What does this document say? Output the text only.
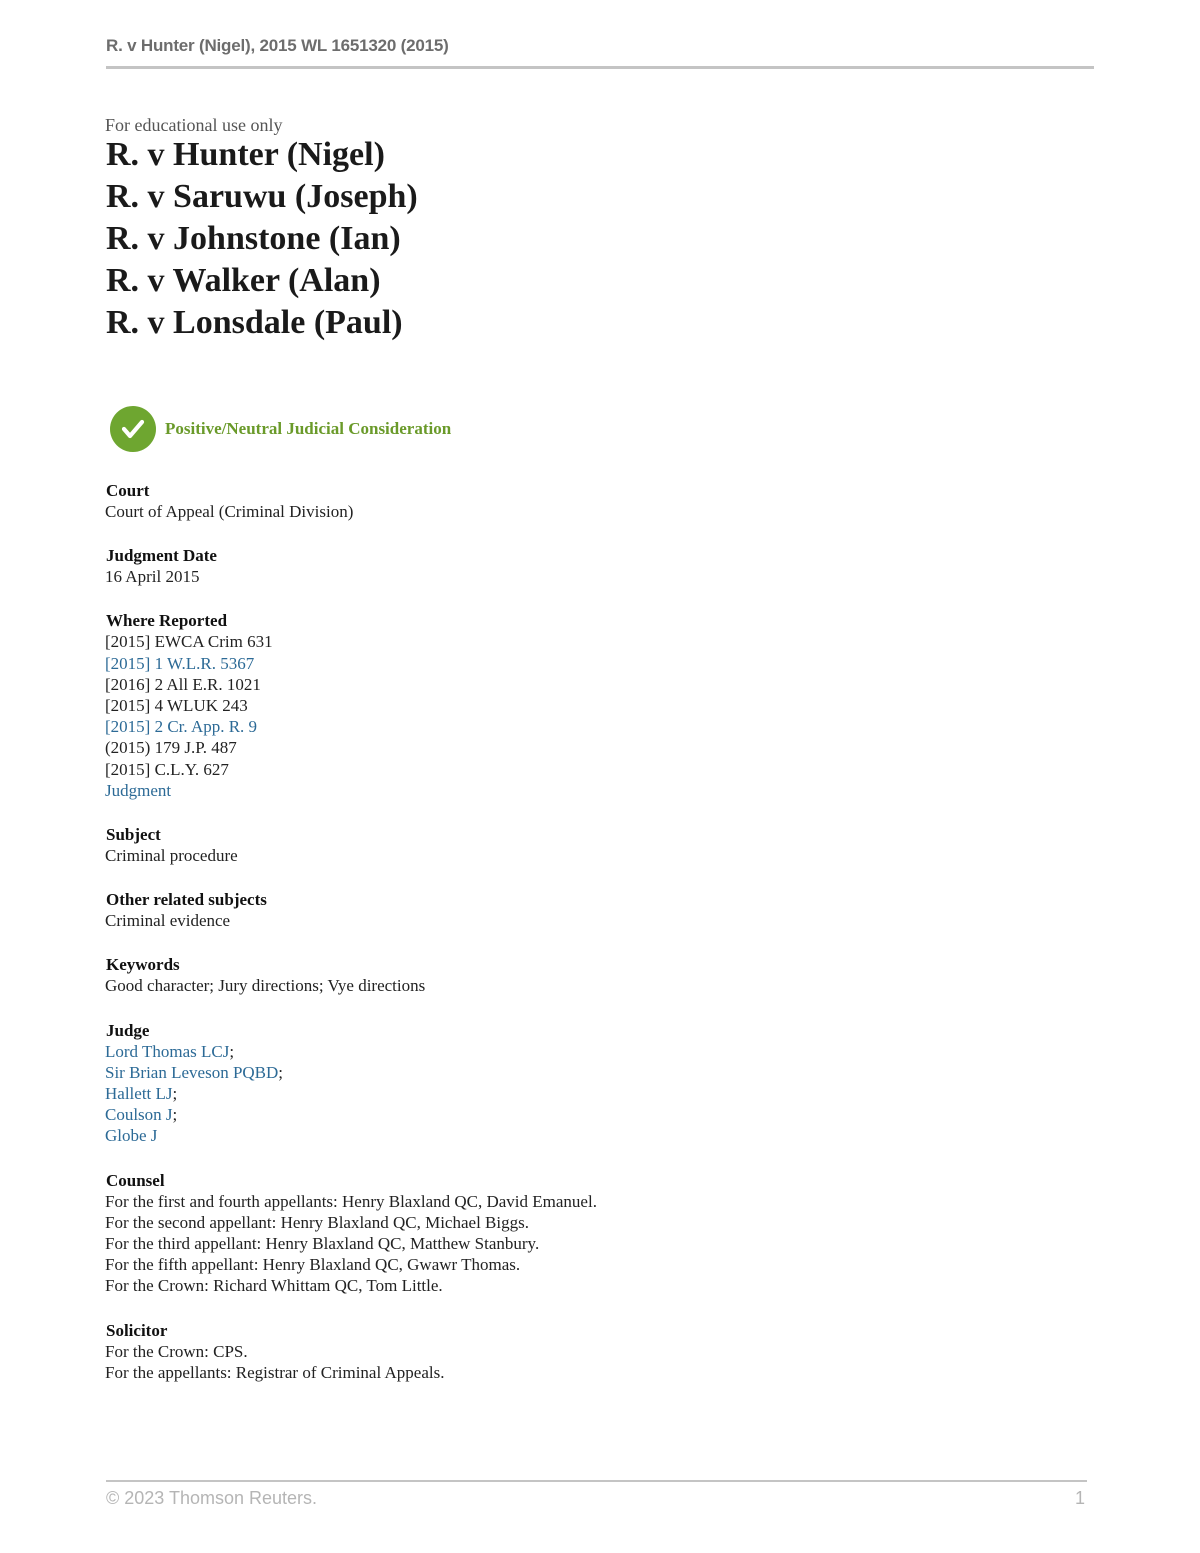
R. v Hunter (Nigel), 2015 WL 1651320 (2015)
For educational use only
R. v Hunter (Nigel)
R. v Saruwu (Joseph)
R. v Johnstone (Ian)
R. v Walker (Alan)
R. v Lonsdale (Paul)
Positive/Neutral Judicial Consideration
Court
Court of Appeal (Criminal Division)
Judgment Date
16 April 2015
Where Reported
[2015] EWCA Crim 631
[2015] 1 W.L.R. 5367
[2016] 2 All E.R. 1021
[2015] 4 WLUK 243
[2015] 2 Cr. App. R. 9
(2015) 179 J.P. 487
[2015] C.L.Y. 627
Judgment
Subject
Criminal procedure
Other related subjects
Criminal evidence
Keywords
Good character; Jury directions; Vye directions
Judge
Lord Thomas LCJ;
Sir Brian Leveson PQBD;
Hallett LJ;
Coulson J;
Globe J
Counsel
For the first and fourth appellants: Henry Blaxland QC, David Emanuel.
For the second appellant: Henry Blaxland QC, Michael Biggs.
For the third appellant: Henry Blaxland QC, Matthew Stanbury.
For the fifth appellant: Henry Blaxland QC, Gwawr Thomas.
For the Crown: Richard Whittam QC, Tom Little.
Solicitor
For the Crown: CPS.
For the appellants: Registrar of Criminal Appeals.
© 2023 Thomson Reuters.	1
